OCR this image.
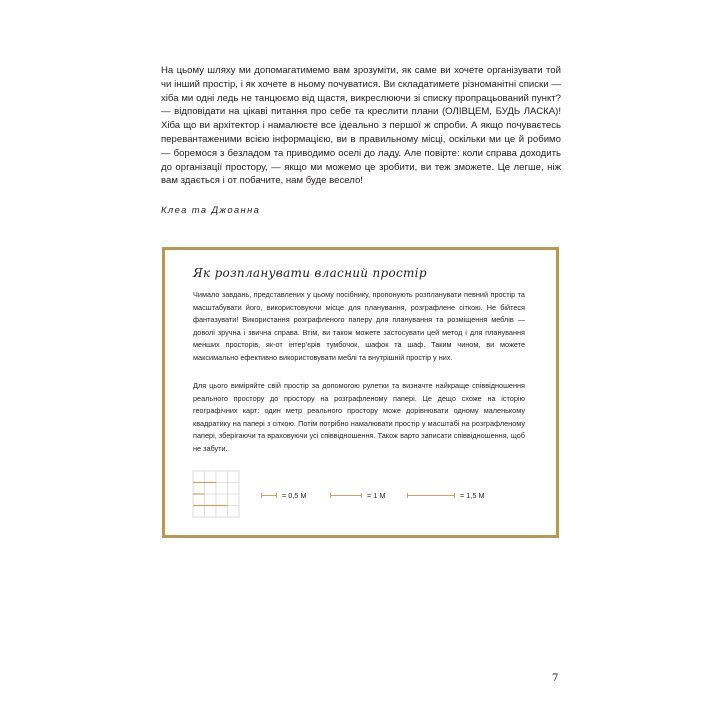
На цьому шляху ми допомагатимемо вам зрозуміти, як саме ви хочете організувати той чи інший простір, і як хочете в ньому почуватися. Ви складатимете різноманітні списки — хіба ми одні ледь не танцюємо від щастя, викреслюючи зі списку пропрацьований пункт? — відповідати на цікаві питання про себе та креслити плани (ОЛІВЦЕМ, БУДЬ ЛАСКА)! Хіба що ви архітектор і намалюєте все ідеально з першої ж спроби. А якщо почуваєтесь перевантаженими всією інформацією, ви в правильному місці, оскільки ми це й робимо — боремося з безладом та приводимо оселі до ладу. Але повірте: коли справа доходить до організації простору, — якщо ми можемо це зробити, ви теж зможете. Це легше, ніж вам здається і от побачите, нам буде весело!

Клеа та Джоанна

Як розпланувати власний простір

Чимало завдань, представлених у цьому посібнику, пропонують розпланувати певний простір та масштабувати його, використовуючи місце для планування, розграфлене сіткою. Не бійтеся фантазувати! Використання розграфленого паперу для планування та розміщення меблів — доволі зручна і звична справа. Втім, ви також можете застосувати цей метод і для планування менших просторів, як-от інтер’єрів тумбочок, шафок та шаф. Таким чином, ви можете максимально ефективно використовувати меблі та внутрішній простір у них.

Для цього виміряйте свій простір за допомогою рулетки та визначте найкраще співвідношення реального простору до простору на розграфленому папері. Це дещо схоже на історію географічних карт: один метр реального простору може дорівнювати одному маленькому квадратику на папері з сіткою. Потім потрібно намалювати простір у масштабі на розграфленому папері, зберігаючи та враховуючи усі співвідношення. Також варто записати співвідношення, щоб не забути.

= 0,5 М	= 1 М	= 1,5 М

7
